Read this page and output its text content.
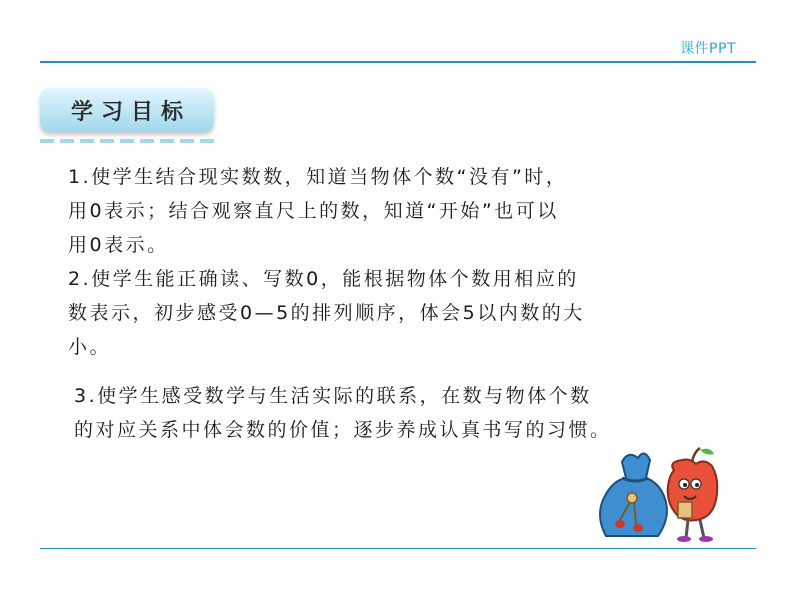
课件PPT
学习目标

1.使学生结合现实数数，知道当物体个数“没有”时，
用0表示；结合观察直尺上的数，知道“开始”也可以
用0表示。

2.使学生能正确读、写数0，能根据物体个数用相应的
数表示，初步感受0—5的排列顺序，体会5以内数的大
小。

3.使学生感受数学与生活实际的联系，在数与物体个数
的对应关系中体会数的价值；逐步养成认真书写的习惯。
